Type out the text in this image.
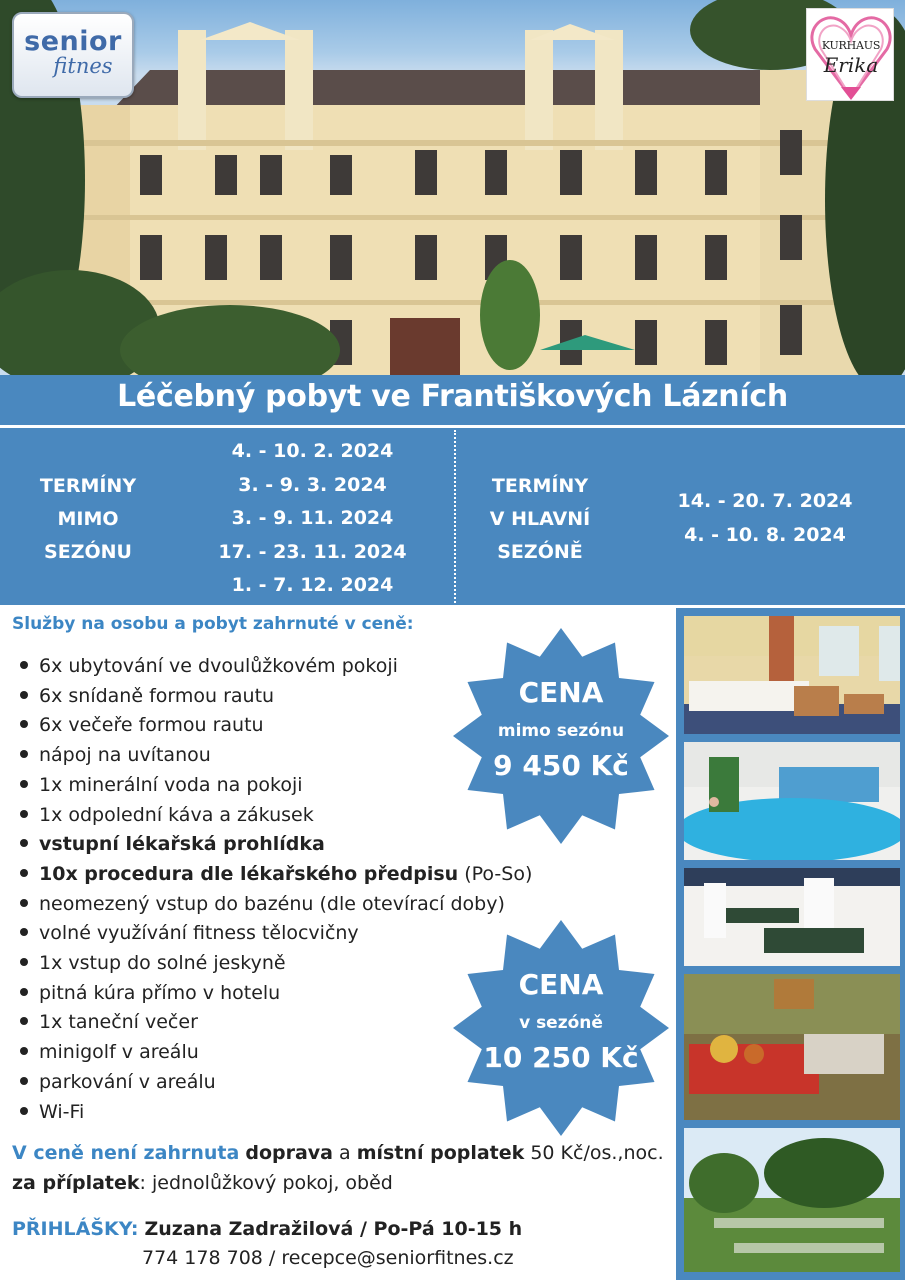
senior
fitnes
KURHAUS
Erika
Léčebný pobyt ve Františkových Lázních
TERMÍNY
MIMO
SEZÓNU
4. - 10. 2. 2024
3. - 9. 3. 2024
3. - 9. 11. 2024
17. - 23. 11. 2024
1. - 7. 12. 2024
TERMÍNY
V HLAVNÍ
SEZÓNĚ
14. - 20. 7. 2024
4. - 10. 8. 2024
Služby na osobu a pobyt zahrnuté v ceně:
6x ubytování ve dvoulůžkovém pokoji
6x snídaně formou rautu
6x večeře formou rautu
nápoj na uvítanou
1x minerální voda na pokoji
1x odpolední káva a zákusek
vstupní lékařská prohlídka
10x procedura dle lékařského předpisu (Po-So)
neomezený vstup do bazénu (dle otevírací doby)
volné využívání fitness tělocvičny
1x vstup do solné jeskyně
pitná kúra přímo v hotelu
1x taneční večer
minigolf v areálu
parkování v areálu
Wi-Fi
CENA
mimo sezónu
9 450 Kč
CENA
v sezóně
10 250 Kč
V ceně není zahrnuta doprava a místní poplatek 50 Kč/os.,noc.
za příplatek: jednolůžkový pokoj, oběd
PŘIHLÁŠKY: Zuzana Zadražilová / Po-Pá 10-15 h
774 178 708 / recepce@seniorfitnes.cz
